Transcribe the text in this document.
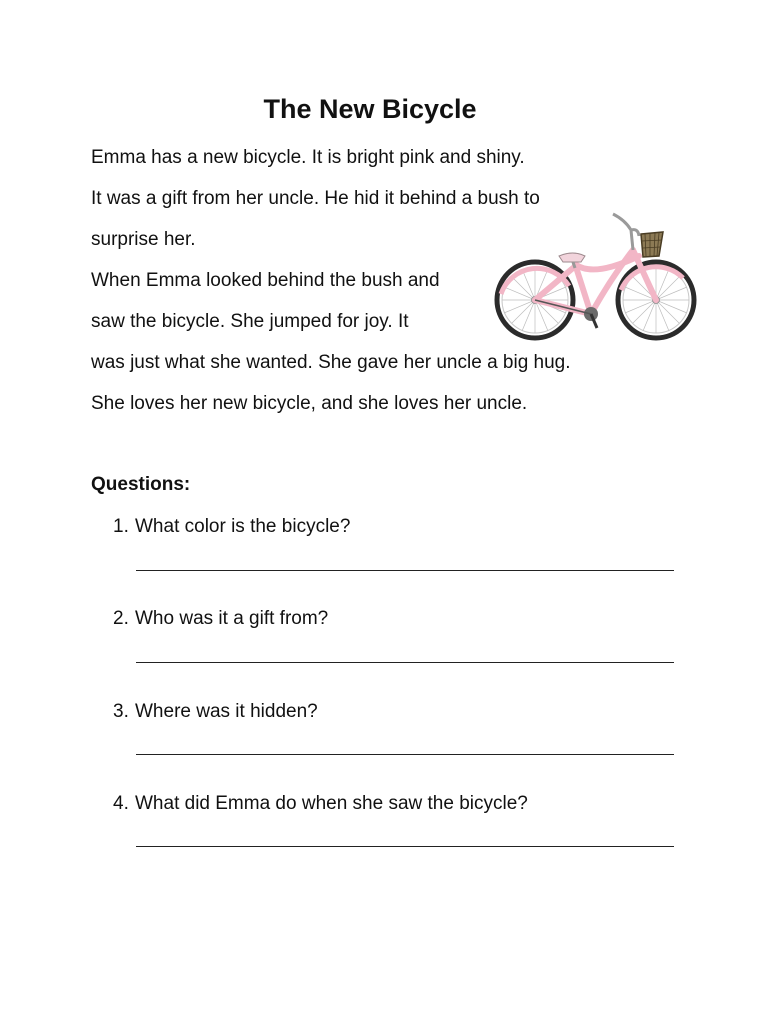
The New Bicycle
Emma has a new bicycle. It is bright pink and shiny.
It was a gift from her uncle. He hid it behind a bush to
surprise her.
When Emma looked behind the bush and
saw the bicycle. She jumped for joy. It
was just what she wanted. She gave her uncle a big hug.
She loves her new bicycle, and she loves her uncle.
Questions:
1. What color is the bicycle?
2. Who was it a gift from?
3. Where was it hidden?
4. What did Emma do when she saw the bicycle?
